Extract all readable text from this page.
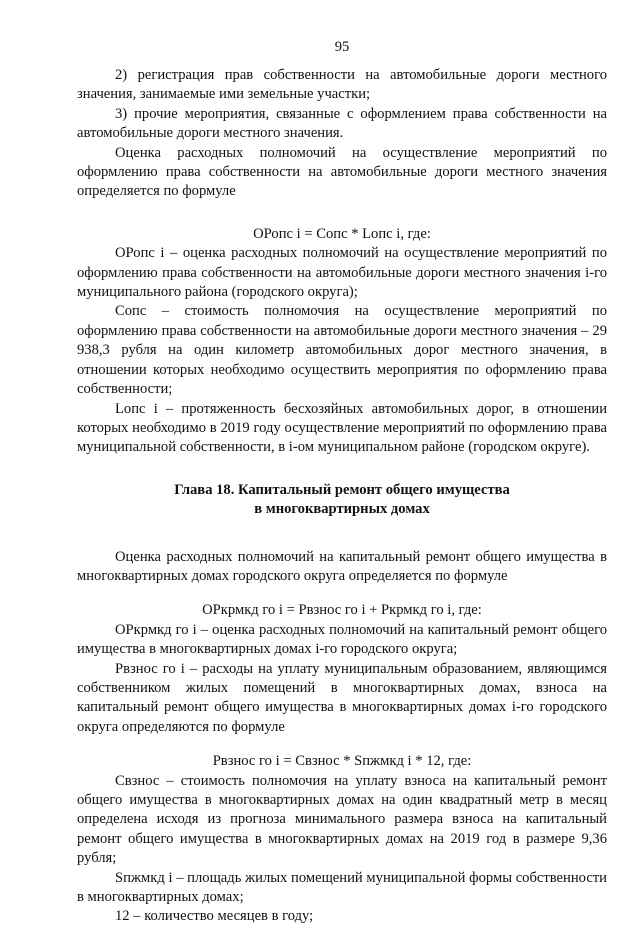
95

2) регистрация прав собственности на автомобильные дороги местного значения, занимаемые ими земельные участки;

3) прочие мероприятия, связанные с оформлением права собственности на автомобильные дороги местного значения.

Оценка расходных полномочий на осуществление мероприятий по оформлению права собственности на автомобильные дороги местного значения определяется по формуле

ОРопс i = Сопс * Lопс i, где:

ОРопс i – оценка расходных полномочий на осуществление мероприятий по оформлению права собственности на автомобильные дороги местного значения i-го муниципального района (городского округа);

Сопс – стоимость полномочия на осуществление мероприятий по оформлению права собственности на автомобильные дороги местного значения – 29 938,3 рубля на один километр автомобильных дорог местного значения, в отношении которых необходимо осуществить мероприятия по оформлению права собственности;

Lопс i – протяженность бесхозяйных автомобильных дорог, в отношении которых необходимо в 2019 году осуществление мероприятий по оформлению права муниципальной собственности, в i-ом муниципальном районе (городском округе).

Глава 18. Капитальный ремонт общего имущества
в многоквартирных домах

Оценка расходных полномочий на капитальный ремонт общего имущества в многоквартирных домах городского округа определяется по формуле

ОРкрмкд го i = Рвзнос го i + Ркрмкд го i, где:

ОРкрмкд го i – оценка расходных полномочий на капитальный ремонт общего имущества в многоквартирных домах i-го городского округа;

Рвзнос го i – расходы на уплату муниципальным образованием, являющимся собственником жилых помещений в многоквартирных домах, взноса на капитальный ремонт общего имущества в многоквартирных домах i-го городского округа определяются по формуле

Рвзнос го i = Свзнос * Sпжмкд i * 12, где:

Свзнос – стоимость полномочия на уплату взноса на капитальный ремонт общего имущества в многоквартирных домах на один квадратный метр в месяц определена исходя из прогноза минимального размера взноса на капитальный ремонт общего имущества в многоквартирных домах на 2019 год в размере 9,36 рубля;

Sпжмкд i – площадь жилых помещений муниципальной формы собственности в многоквартирных домах;

12 – количество месяцев в году;
